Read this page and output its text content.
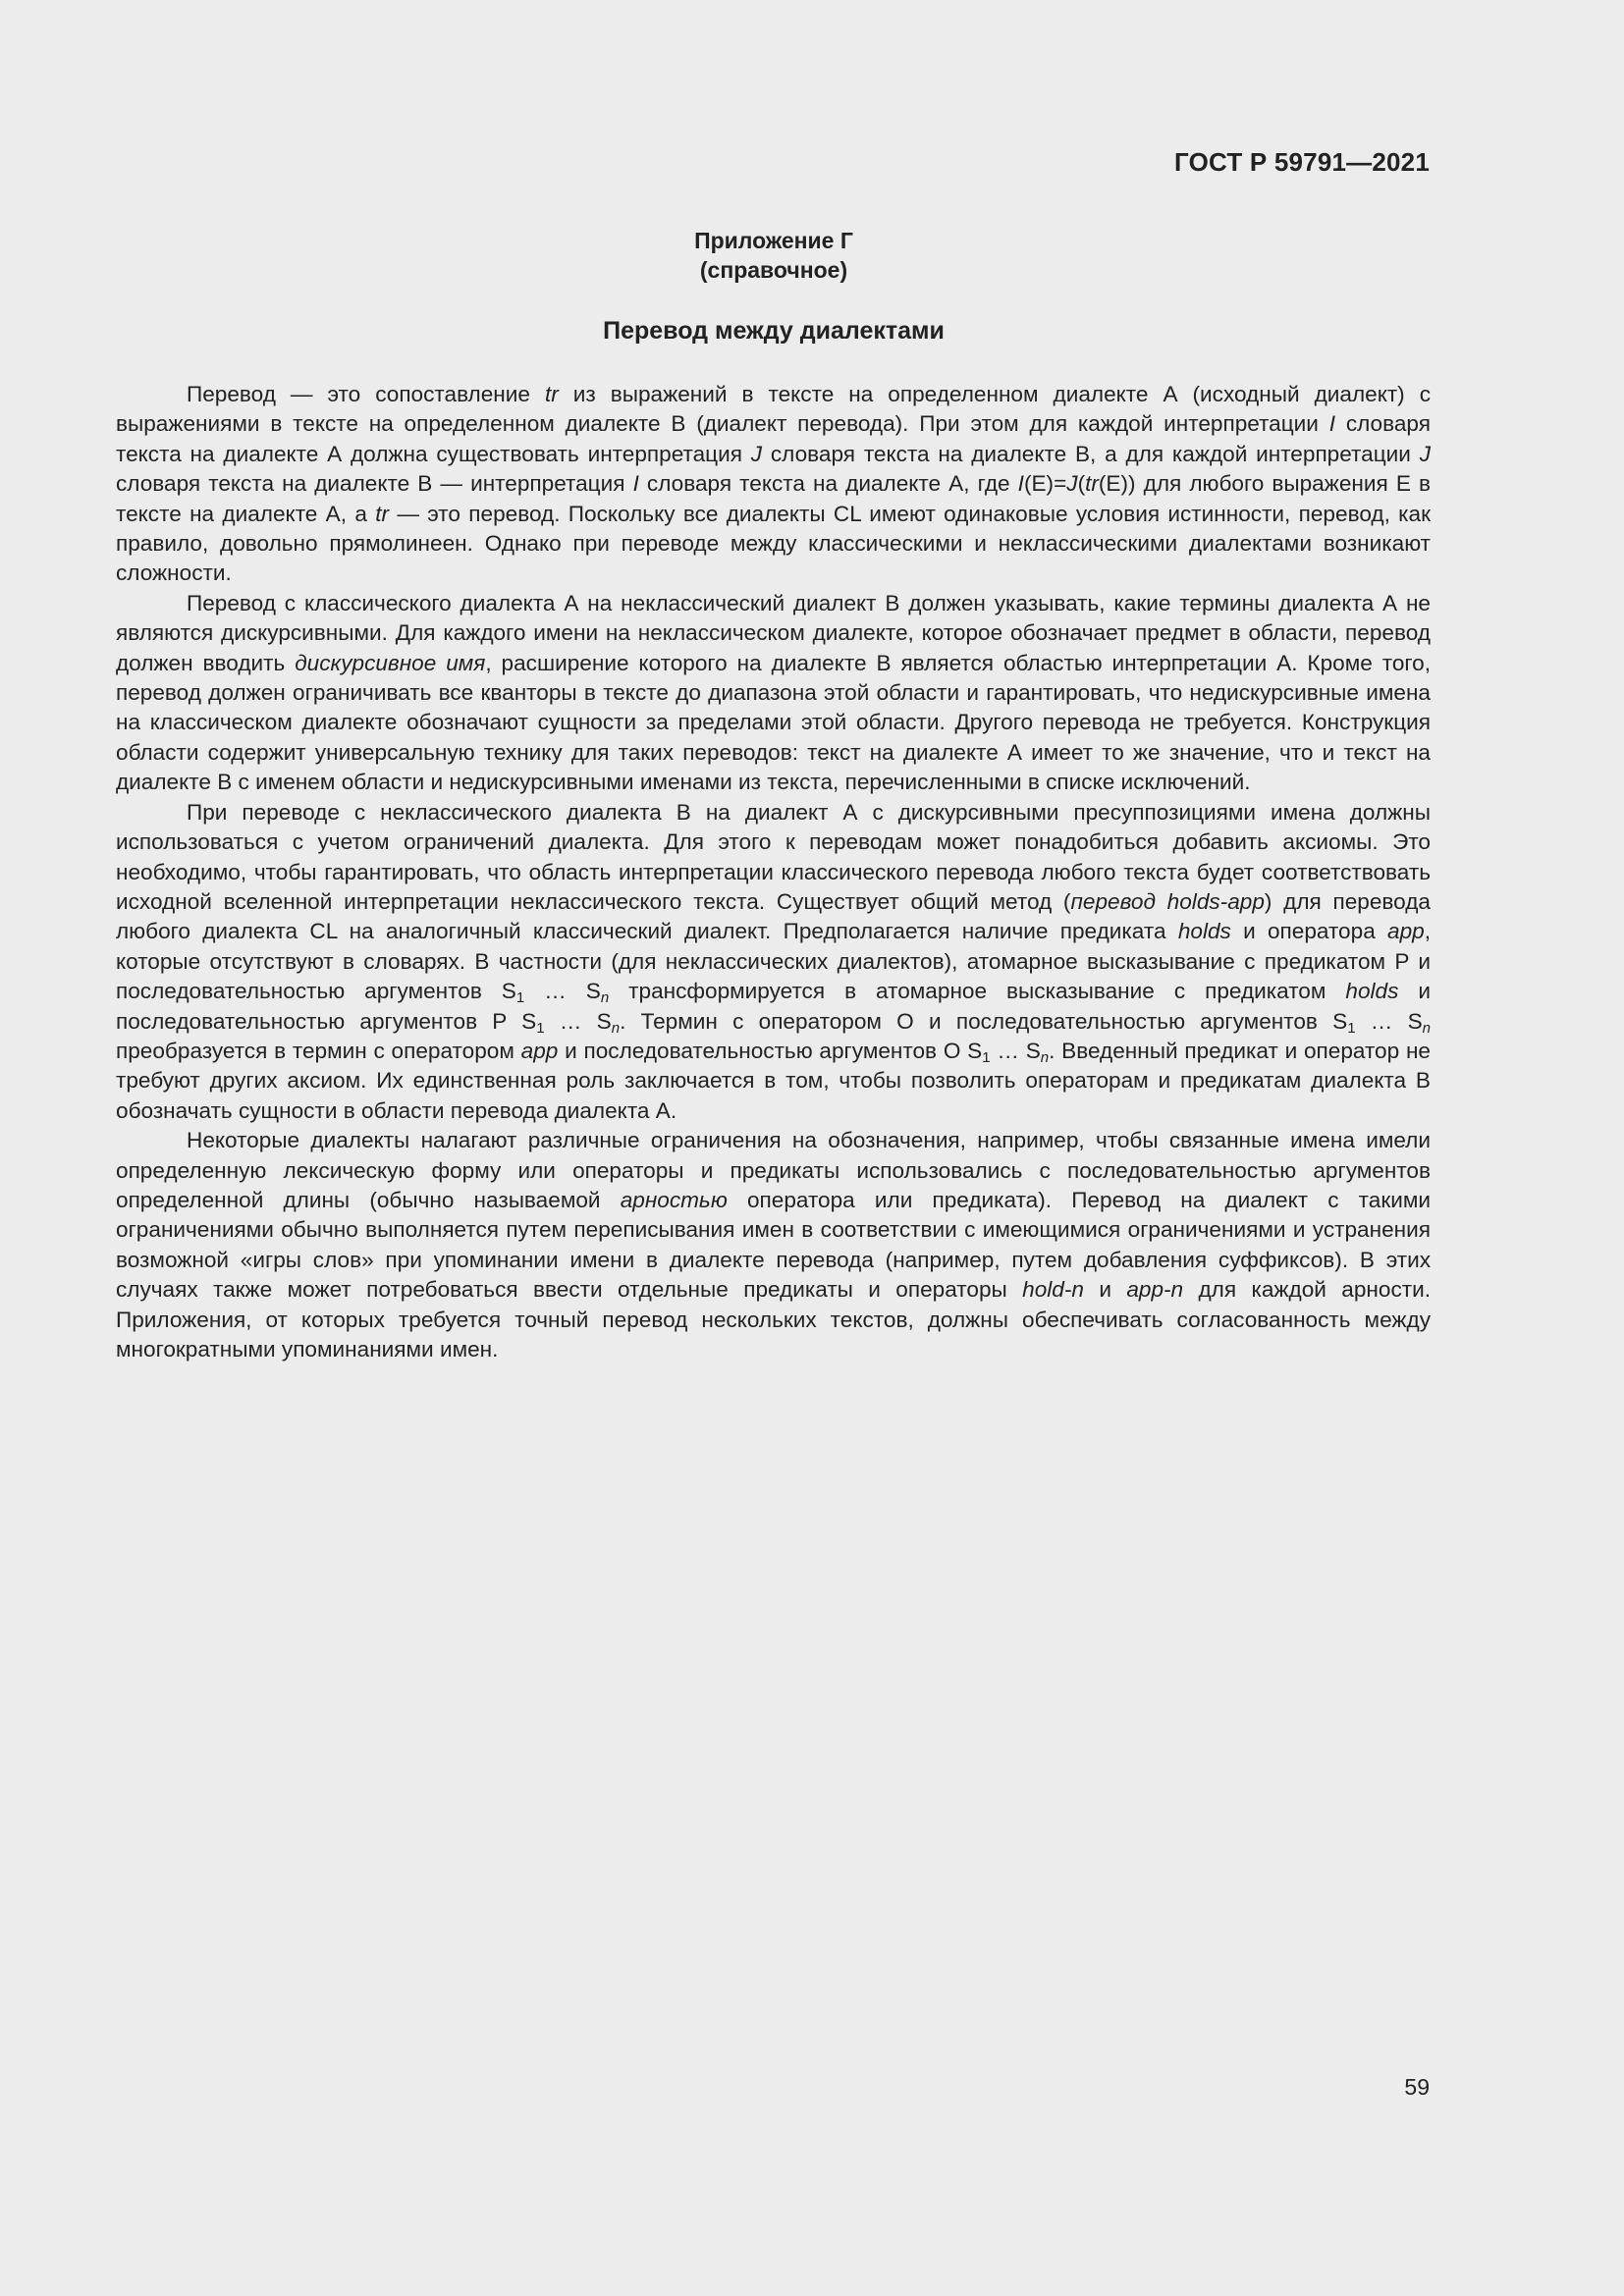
ГОСТ Р 59791—2021
Приложение Г
(справочное)
Перевод между диалектами

Перевод — это сопоставление tr из выражений в тексте на определенном диалекте А (исходный диалект) с выражениями в тексте на определенном диалекте В (диалект перевода). При этом для каждой интерпретации I словаря текста на диалекте А должна существовать интерпретация J словаря текста на диалекте В, а для каждой интерпретации J словаря текста на диалекте В — интерпретация I словаря текста на диалекте А, где I(E)=J(tr(E)) для любого выражения E в тексте на диалекте А, а tr — это перевод. Поскольку все диалекты CL имеют одинаковые условия истинности, перевод, как правило, довольно прямолинеен. Однако при переводе между классическими и неклассическими диалектами возникают сложности.

Перевод с классического диалекта А на неклассический диалект В должен указывать, какие термины диалекта А не являются дискурсивными. Для каждого имени на неклассическом диалекте, которое обозначает предмет в области, перевод должен вводить дискурсивное имя, расширение которого на диалекте В является областью интерпретации А. Кроме того, перевод должен ограничивать все кванторы в тексте до диапазона этой области и гарантировать, что недискурсивные имена на классическом диалекте обозначают сущности за пределами этой области. Другого перевода не требуется. Конструкция области содержит универсальную технику для таких переводов: текст на диалекте А имеет то же значение, что и текст на диалекте В с именем области и недискурсивными именами из текста, перечисленными в списке исключений.

При переводе с неклассического диалекта В на диалект А с дискурсивными пресуппозициями имена должны использоваться с учетом ограничений диалекта. Для этого к переводам может понадобиться добавить аксиомы. Это необходимо, чтобы гарантировать, что область интерпретации классического перевода любого текста будет соответствовать исходной вселенной интерпретации неклассического текста. Существует общий метод (перевод holds-app) для перевода любого диалекта CL на аналогичный классический диалект. Предполагается наличие предиката holds и оператора app, которые отсутствуют в словарях. В частности (для неклассических диалектов), атомарное высказывание с предикатом P и последовательностью аргументов $S_1$ … $S_n$ трансформируется в атомарное высказывание с предикатом holds и последовательностью аргументов P $S_1$ … $S_n$. Термин с оператором O и последовательностью аргументов $S_1$ … $S_n$ преобразуется в термин с оператором app и последовательностью аргументов O $S_1$ … $S_n$. Введенный предикат и оператор не требуют других аксиом. Их единственная роль заключается в том, чтобы позволить операторам и предикатам диалекта В обозначать сущности в области перевода диалекта А.

Некоторые диалекты налагают различные ограничения на обозначения, например, чтобы связанные имена имели определенную лексическую форму или операторы и предикаты использовались с последовательностью аргументов определенной длины (обычно называемой арностью оператора или предиката). Перевод на диалект с такими ограничениями обычно выполняется путем переписывания имен в соответствии с имеющимися ограничениями и устранения возможной «игры слов» при упоминании имени в диалекте перевода (например, путем добавления суффиксов). В этих случаях также может потребоваться ввести отдельные предикаты и операторы hold-n и app-n для каждой арности. Приложения, от которых требуется точный перевод нескольких текстов, должны обеспечивать согласованность между многократными упоминаниями имен.

59
